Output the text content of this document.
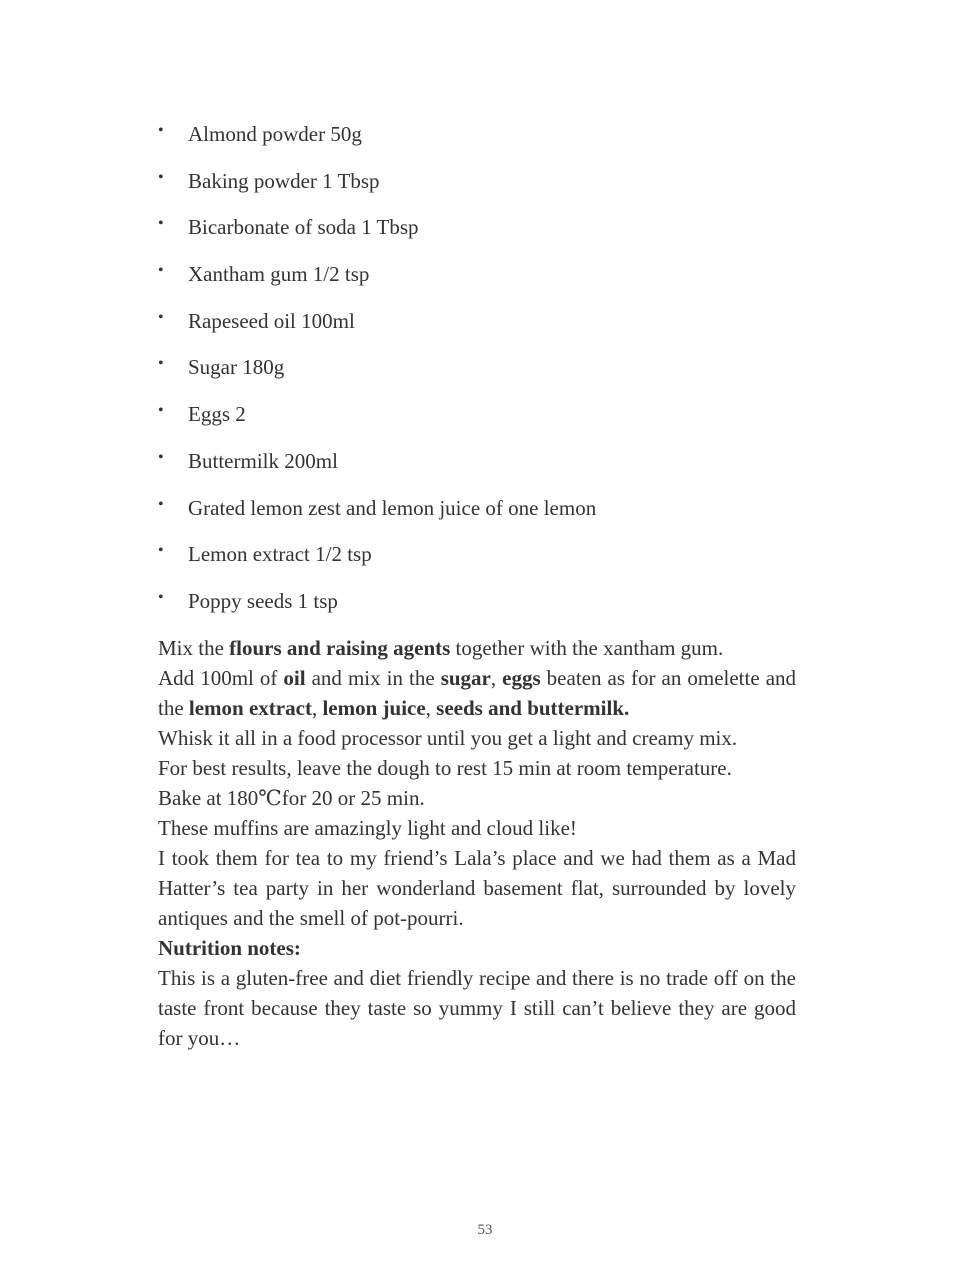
• Almond powder 50g
• Baking powder 1 Tbsp
• Bicarbonate of soda 1 Tbsp
• Xantham gum 1/2 tsp
• Rapeseed oil 100ml
• Sugar 180g
• Eggs 2
• Buttermilk 200ml
• Grated lemon zest and lemon juice of one lemon
• Lemon extract 1/2 tsp
• Poppy seeds 1 tsp

Mix the flours and raising agents together with the xantham gum.

Add 100ml of oil and mix in the sugar, eggs beaten as for an omelette and the lemon extract, lemon juice, seeds and buttermilk.

Whisk it all in a food processor until you get a light and creamy mix.

For best results, leave the dough to rest 15 min at room temperature.

Bake at 180℃for 20 or 25 min.

These muffins are amazingly light and cloud like!

I took them for tea to my friend’s Lala’s place and we had them as a Mad Hatter’s tea party in her wonderland basement flat, surrounded by lovely antiques and the smell of pot-pourri.

Nutrition notes:

This is a gluten-free and diet friendly recipe and there is no trade off on the taste front because they taste so yummy I still can’t believe they are good for you…

53
